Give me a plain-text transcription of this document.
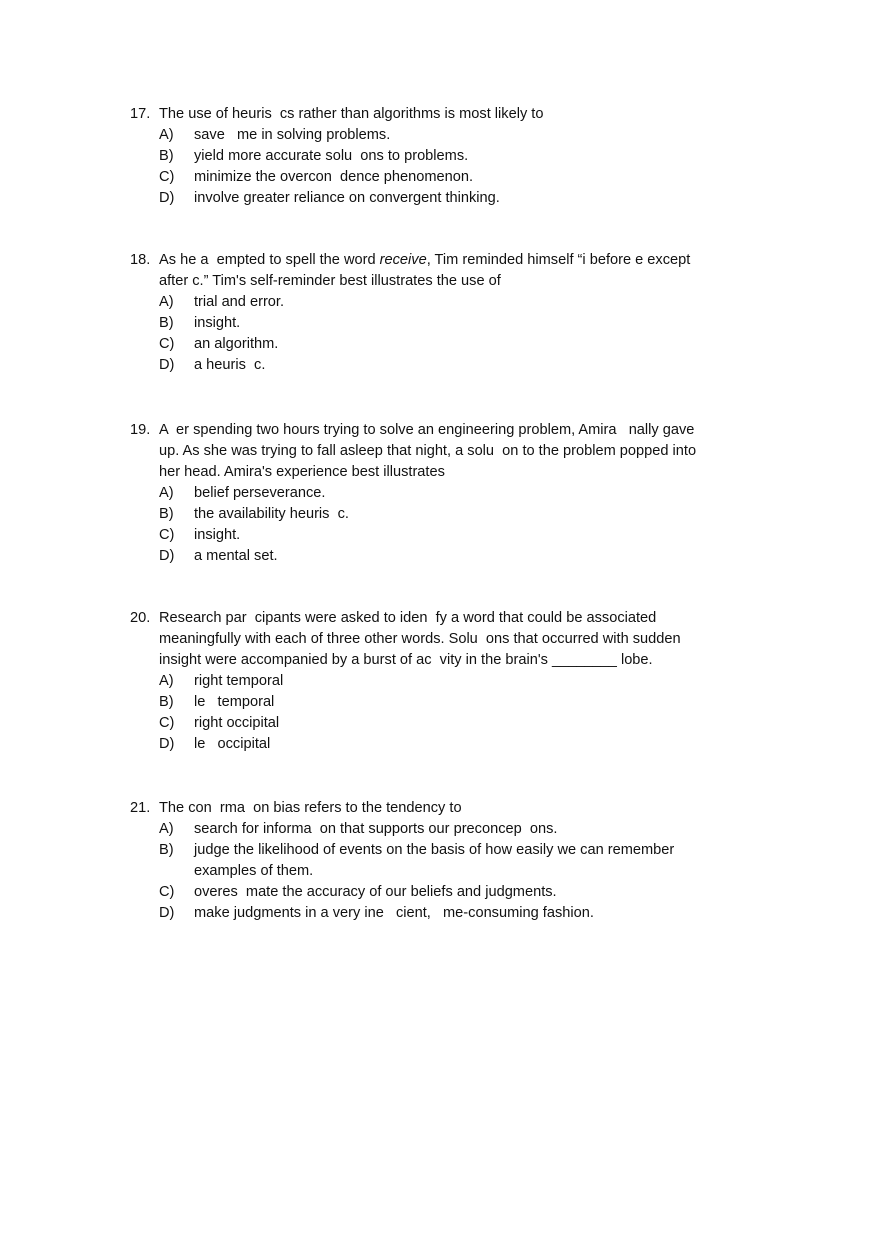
17. The use of heuris  cs rather than algorithms is most likely to
A) save   me in solving problems.
B) yield more accurate solu  ons to problems.
C) minimize the overcon  dence phenomenon.
D) involve greater reliance on convergent thinking.
18. As he a  empted to spell the word receive, Tim reminded himself “i before e except
after c.” Tim's self-reminder best illustrates the use of
A) trial and error.
B) insight.
C) an algorithm.
D) a heuris  c.
19. A  er spending two hours trying to solve an engineering problem, Amira   nally gave
up. As she was trying to fall asleep that night, a solu  on to the problem popped into
her head. Amira's experience best illustrates
A) belief perseverance.
B) the availability heuris  c.
C) insight.
D) a mental set.
20. Research par  cipants were asked to iden  fy a word that could be associated
meaningfully with each of three other words. Solu  ons that occurred with sudden
insight were accompanied by a burst of ac  vity in the brain's ________ lobe.
A) right temporal
B) le   temporal
C) right occipital
D) le   occipital
21. The con  rma  on bias refers to the tendency to
A) search for informa  on that supports our preconcep  ons.
B) judge the likelihood of events on the basis of how easily we can remember
examples of them.
C) overes  mate the accuracy of our beliefs and judgments.
D) make judgments in a very ine   cient,   me-consuming fashion.
